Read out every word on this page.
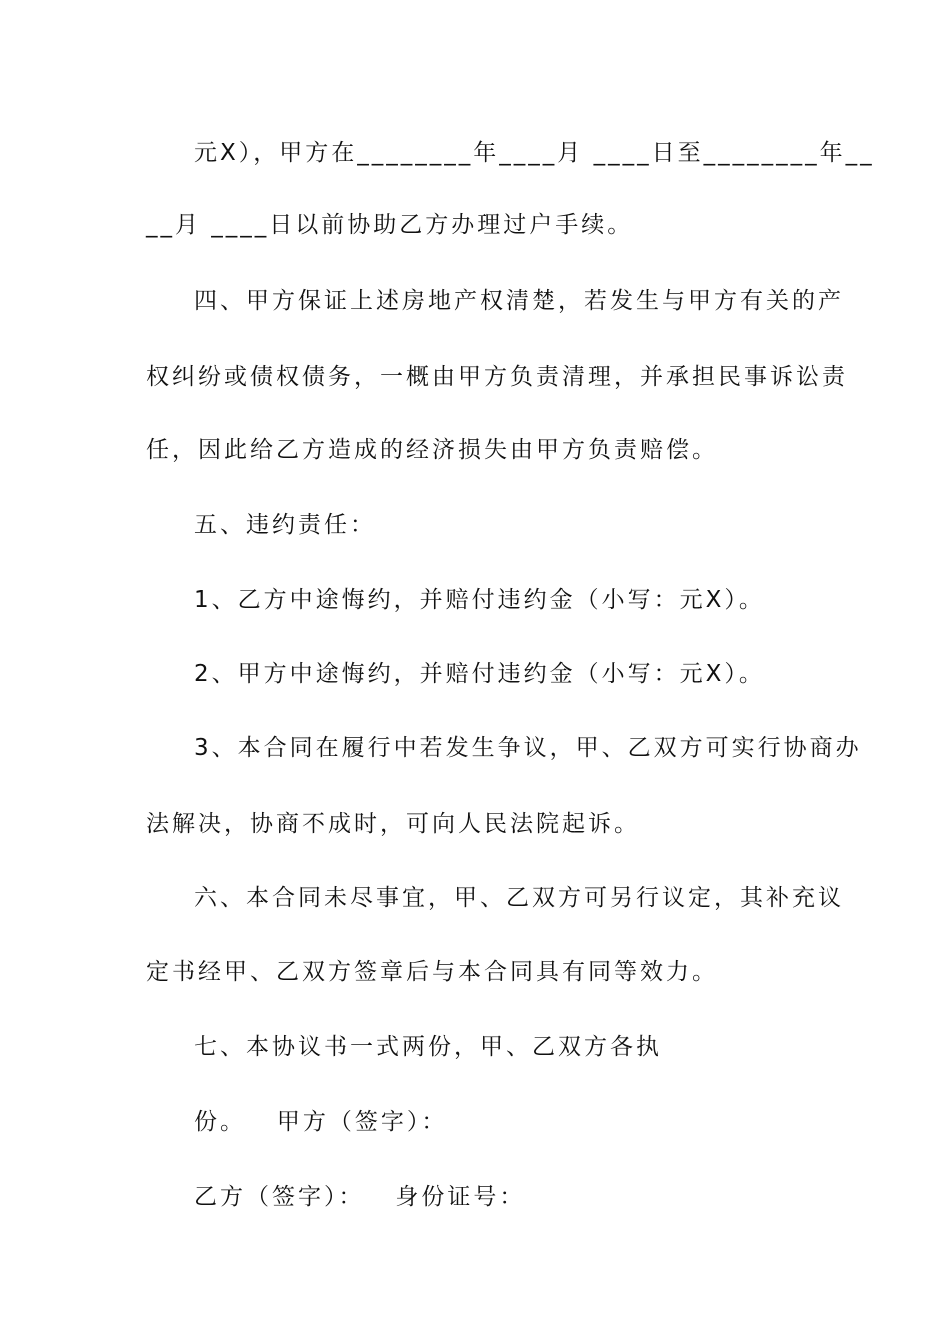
元X），甲方在________年____月 ____日至________年__
__月 ____日以前协助乙方办理过户手续。
四、甲方保证上述房地产权清楚，若发生与甲方有关的产
权纠纷或债权债务，一概由甲方负责清理，并承担民事诉讼责
任，因此给乙方造成的经济损失由甲方负责赔偿。
五、违约责任：
1、乙方中途悔约，并赔付违约金（小写：元X）。
2、甲方中途悔约，并赔付违约金（小写：元X）。
3、本合同在履行中若发生争议，甲、乙双方可实行协商办
法解决，协商不成时，可向人民法院起诉。
六、本合同未尽事宜，甲、乙双方可另行议定，其补充议
定书经甲、乙双方签章后与本合同具有同等效力。
七、本协议书一式两份，甲、乙双方各执
份。   甲方（签字）：
乙方（签字）：   身份证号：
